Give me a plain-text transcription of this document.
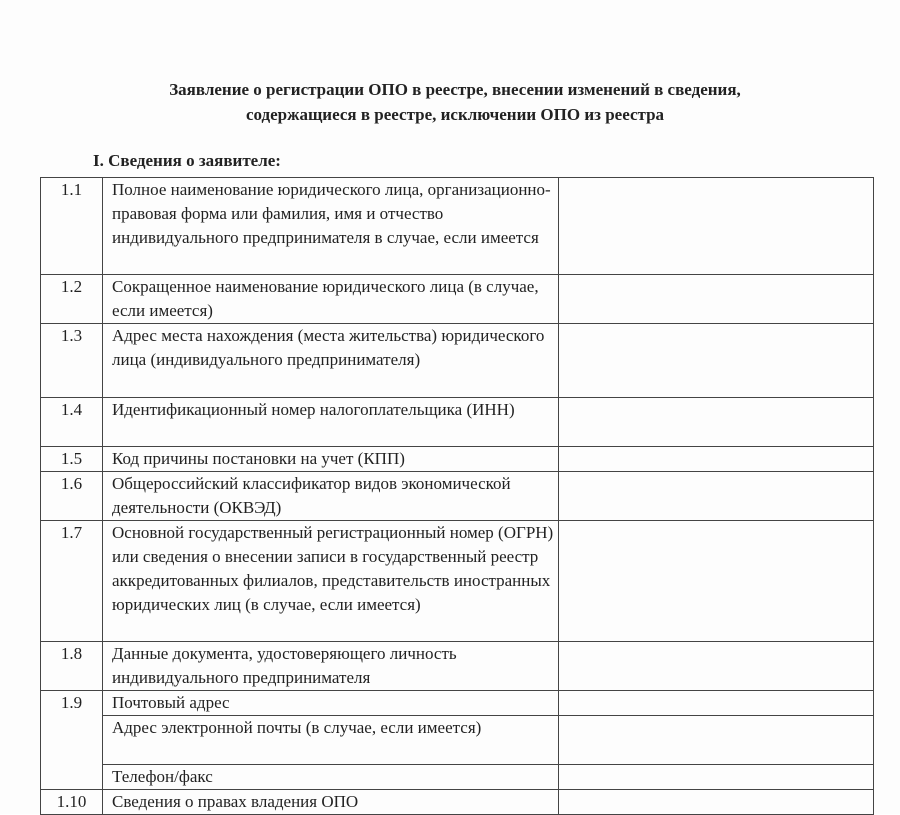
Заявление о регистрации ОПО в реестре, внесении изменений в сведения,
содержащиеся в реестре, исключении ОПО из реестра
I. Сведения о заявителе:
1.1	Полное наименование юридического лица, организационно-правовая форма или фамилия, имя и отчество индивидуального предпринимателя в случае, если имеется	
1.2	Сокращенное наименование юридического лица (в случае, если имеется)	
1.3	Адрес места нахождения (места жительства) юридического лица (индивидуального предпринимателя)	
1.4	Идентификационный номер налогоплательщика (ИНН)	
1.5	Код причины постановки на учет (КПП)	
1.6	Общероссийский классификатор видов экономической деятельности (ОКВЭД)	
1.7	Основной государственный регистрационный номер (ОГРН) или сведения о внесении записи в государственный реестр аккредитованных филиалов, представительств иностранных юридических лиц (в случае, если имеется)	
1.8	Данные документа, удостоверяющего личность индивидуального предпринимателя	
1.9	Почтовый адрес	
	Адрес электронной почты (в случае, если имеется)	
	Телефон/факс	
1.10	Сведения о правах владения ОПО	
